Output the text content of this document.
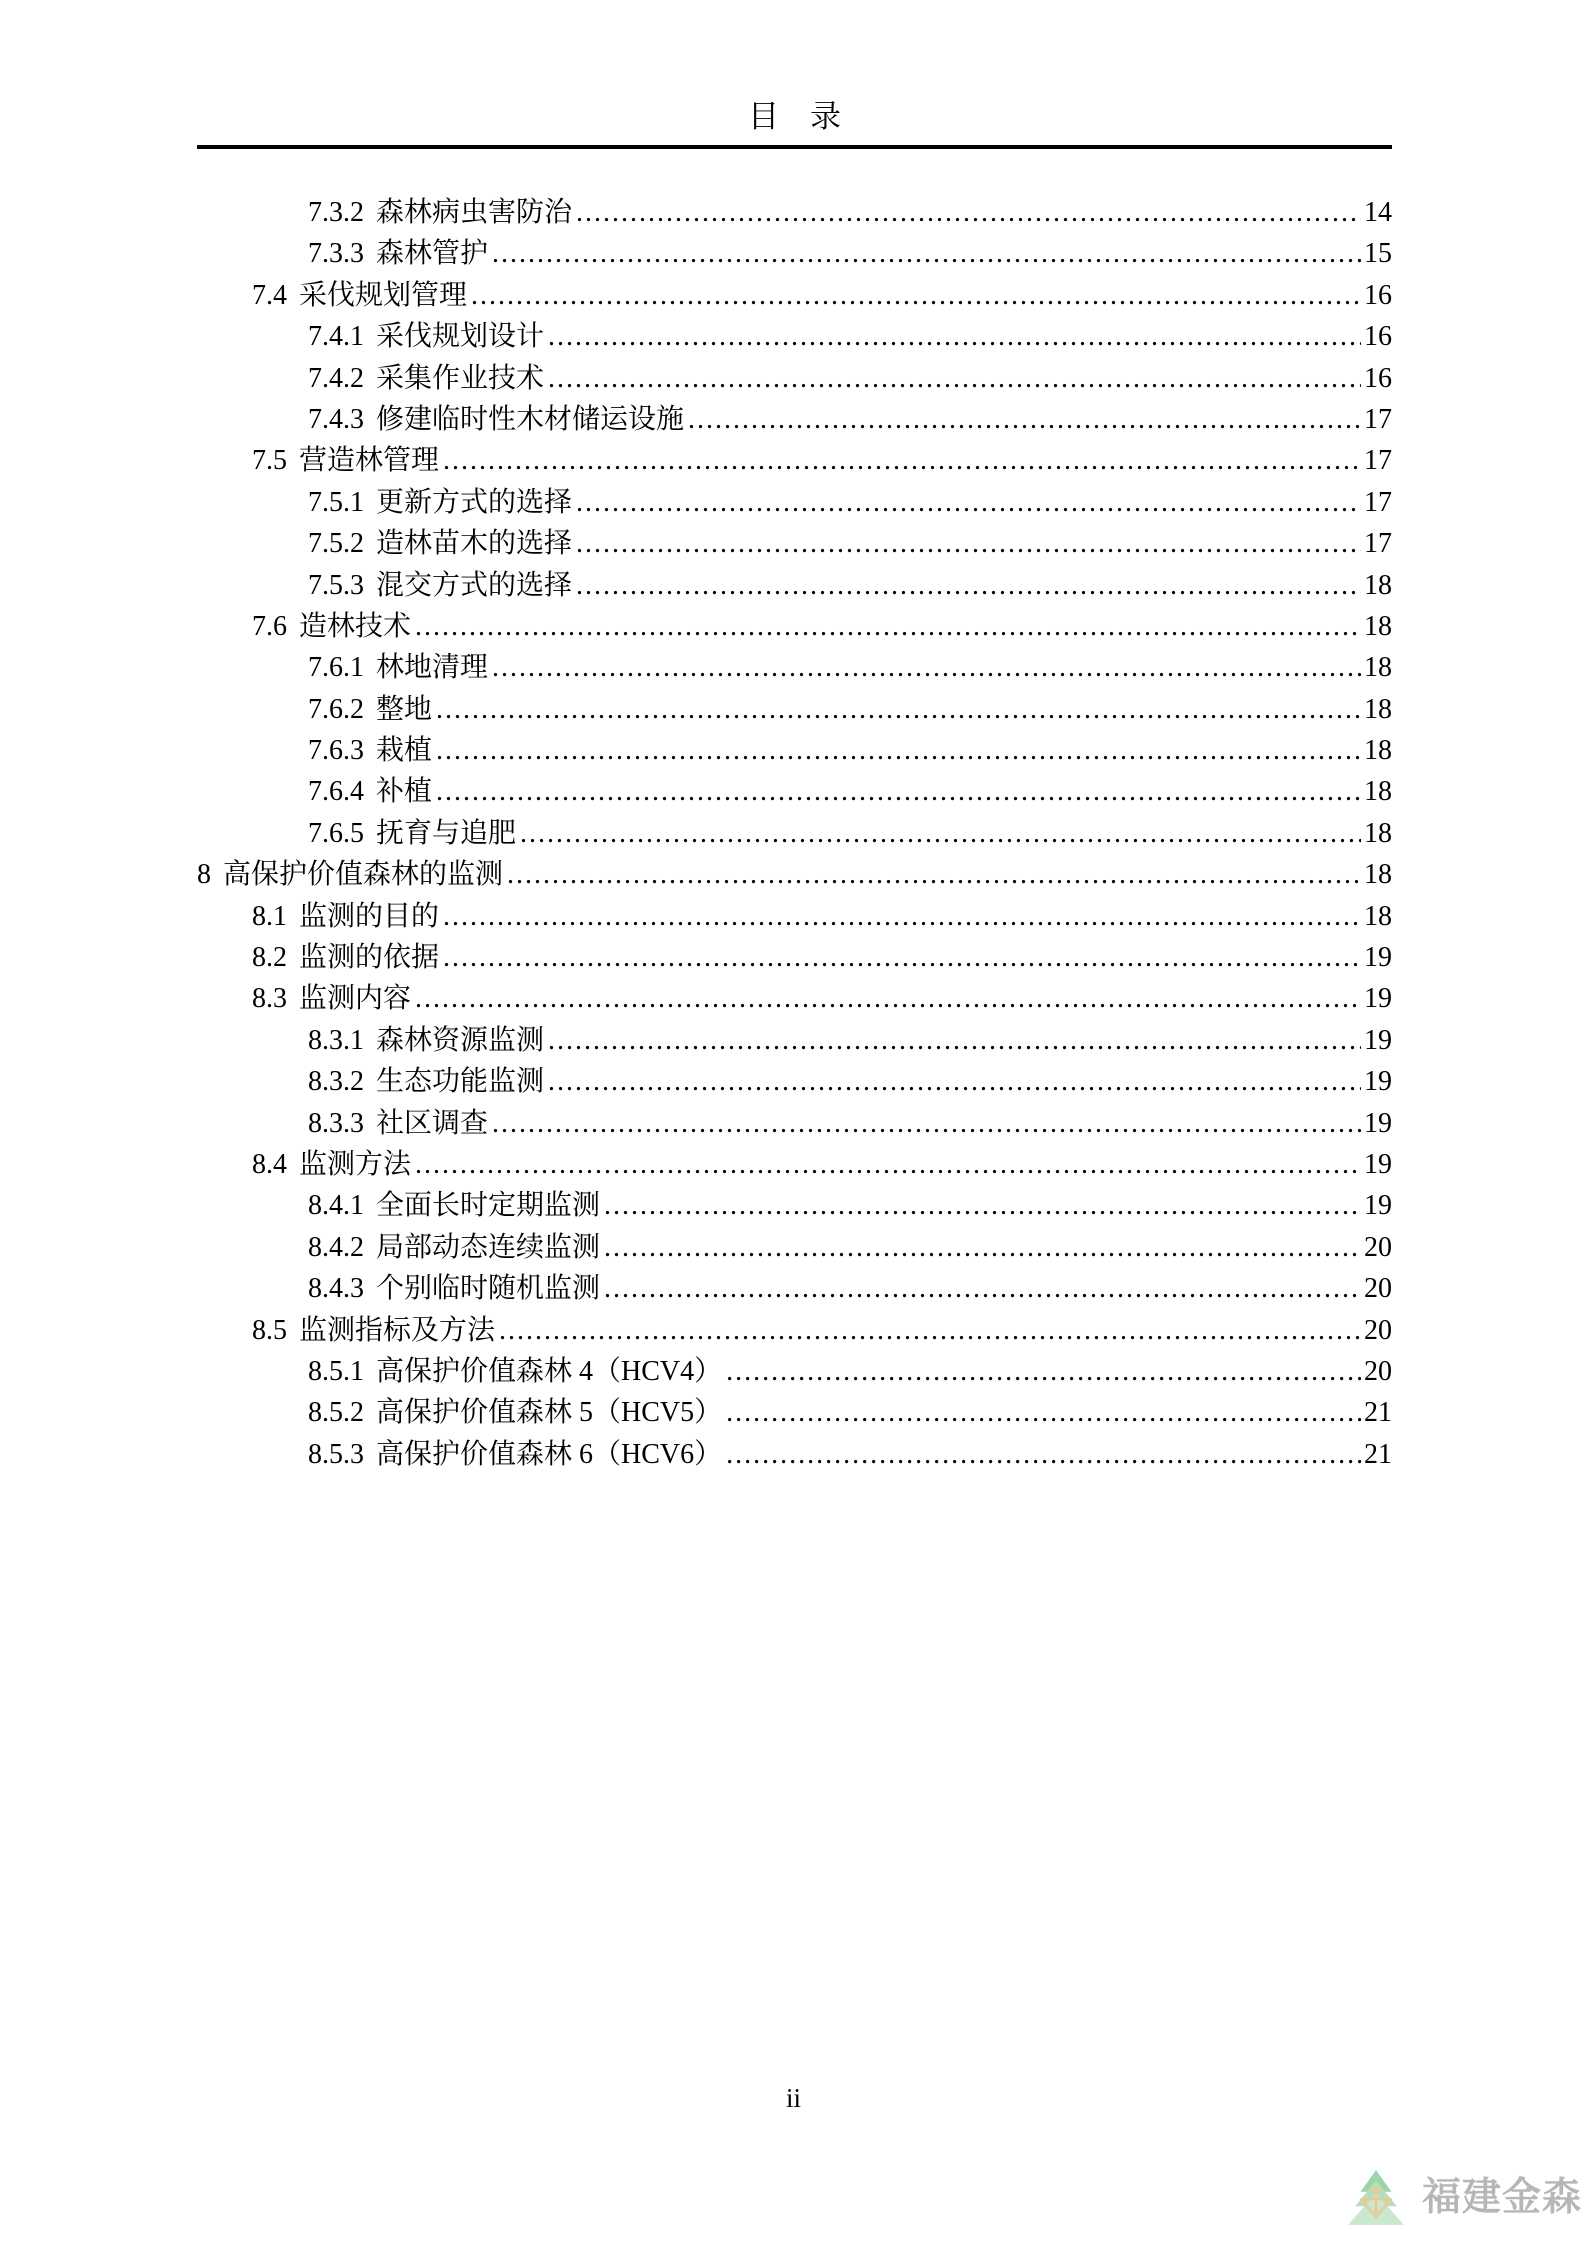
目　录
7.3.2 森林病虫害防治 .....	14
7.3.3 森林管护 .....	15
7.4 采伐规划管理 .....	16
7.4.1 采伐规划设计 .....	16
7.4.2 采集作业技术 .....	16
7.4.3 修建临时性木材储运设施 .....	17
7.5 营造林管理 .....	17
7.5.1 更新方式的选择 .....	17
7.5.2 造林苗木的选择 .....	17
7.5.3 混交方式的选择 .....	18
7.6 造林技术 .....	18
7.6.1 林地清理 .....	18
7.6.2 整地 .....	18
7.6.3 栽植 .....	18
7.6.4 补植 .....	18
7.6.5 抚育与追肥 .....	18
8 高保护价值森林的监测 .....	18
8.1 监测的目的 .....	18
8.2 监测的依据 .....	19
8.3 监测内容 .....	19
8.3.1 森林资源监测 .....	19
8.3.2 生态功能监测 .....	19
8.3.3 社区调查 .....	19
8.4 监测方法 .....	19
8.4.1 全面长时定期监测 .....	19
8.4.2 局部动态连续监测 .....	20
8.4.3 个别临时随机监测 .....	20
8.5 监测指标及方法 .....	20
8.5.1 高保护价值森林 4（HCV4） .....	20
8.5.2 高保护价值森林 5（HCV5） .....	21
8.5.3 高保护价值森林 6（HCV6） .....	21
ii
福建金森
